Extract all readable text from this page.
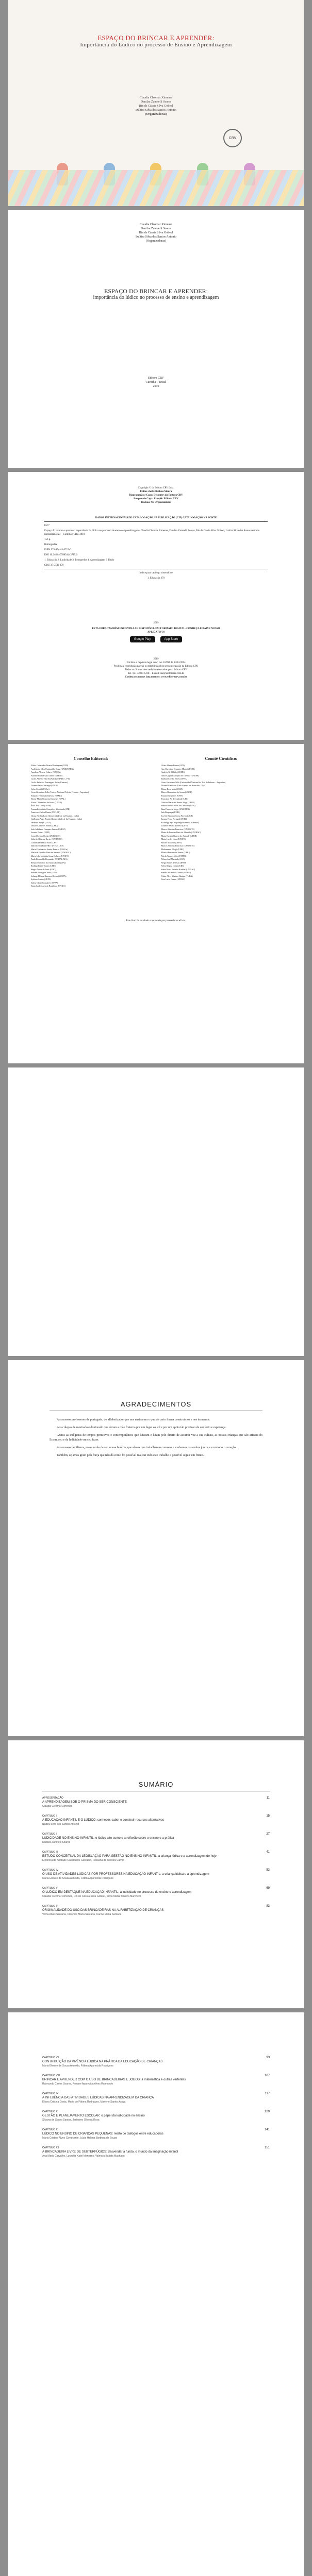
ESPAÇO DO BRINCAR E APRENDER:
Importância do Lúdico no processo de Ensino e Aprendizagem
Claudia Cleomar Ximenes
Danilza Zanotelli Soares
Rin de Cássia Silva Gobeel
Izaltira Silva dos Santos Antonio
(Organizadoras)
CRV
Claudia Cleomar Ximenes
Danilza Zanotelli Soares
Rin de Cássia Silva Gobeel
Izaltira Silva dos Santos Antonio
(Organizadoras)
ESPAÇO DO BRINCAR E APRENDER:
importância do lúdico no processo de ensino e aprendizagem
Editora CRV
Curitiba – Brasil
2019
Copyright © da Editora CRV Ltda.
Editor-chefe: Railson Moura
Diagramação e Capa: Designers da Editora CRV
Imagem de Capa: Freepik/ Editora CRV
Revisão: Os Organizadores

DADOS INTERNACIONAIS DE CATALOGAÇÃO NA PUBLICAÇÃO (CIP) CATALOGAÇÃO NA FONTE

Es77

Espaço do brincar e aprender: importância do lúdico no processo de ensino e aprendizagem / Claudia Cleomar Ximenes, Danilza Zanotelli Soares, Rin de Cássia Silva Gobeel, Izaltira Silva dos Santos Antonio (organizadoras) – Curitiba : CRV, 2019.

156 p.

Bibliografia

ISBN 978-85-444-3715-6

DOI 10.24824/978854443715.6

1. Educação 2. Ludicidade 3. Brinquedos 4. Aprendizagem I. Título

CDU 37 CDD 370

Índice para catálogo sistemático

1. Educação 370

2019
ESTA OBRA TAMBÉM ENCONTRA-SE DISPONÍVEL EM FORMATO DIGITAL. CONHEÇA E BAIXE NOSSO APLICATIVO!
Google Play	App Store
2019
Foi feito o depósito legal conf. Lei 10.994 de 14/12/2004
Proibida a reprodução parcial ou total desta obra sem autorização da Editora CRV
Todos os direitos desta edição reservados pela: Editora CRV
Tel.: (41) 3039-6418 – E-mail: sac@editoracrv.com.br
Conheça os nossos lançamentos: www.editoracrv.com.br
Conselho Editorial:
Aldira Guimarães Duarte Domínguez (UNB)
Andréia da Silva Quintanilha Sousa (UNIR/UFRN)
Anselmo Alencar Colares (UFOPA)
Antônio Pereira Gaio Júnior (UFRRJ)
Carlos Alberto Vilar Estêvão (UMINHO – PT)
Carlos Federico Dominguez Avila (Unieuro)
Carmen Tereza Velanga (UNIR)
Celso Conti (UFSCar)
Cesar Gerónimo Tello (Univer. Nacional Três de Febrero – Argentina)
Eduardo Fernandes Barbosa (UFMG)
Elione Maria Nogueira Diogenes (UFAL)
Elizeu Clementino de Souza (UNEB)
Élsio José Corá (UFFS)
Fernando Antônio Gonçalves Alcoforado (IPB)
Francisco Carlos Duarte (PUC-PR)
Gloria Fariñas León (Universidade de La Havana – Cuba)
Guillermo Arias Beatón (Universidade de La Havana – Cuba)
Helmuth Krüger (UCP)
Jailson Alves dos Santos (UFRJ)
João Adalberto Campato Junior (UNESP)
Josania Portela (UFPI)
Leonel Severo Rocha (UNISINOS)
Lídia de Oliveira Xavier (UNIEURO)
Lourdes Helena da Silva (UFV)
Marcelo Paixão (UFRJ e UTexas – US)
Maria Cristina dos Santos Bezerra (UFSCar)
Maria de Lourdes Pinto de Almeida (UNOESC)
Maria Lília Imbiriba Sousa Colares (UFOPA)
Paulo Romualdo Hernandes (UNIFAL-MG)
Renato Francisco dos Santos Paula (UFG)
Rodrigo Pratte-Santos (UFES)
Sérgio Nunes de Jesus (IFRO)
Simone Rodrigues Pinto (UNB)
Solange Helena Ximenes-Rocha (UFOPA)
Sydione Santos (UEPG)
Tadeu Oliver Gonçalves (UFPA)
Tania Suely Azevedo Brasileiro (UFOPA)
Comitê Científico:
Altair Alberto Fávero (UPF)
Ana Chrystina Venancio Mignot (UERJ)
Andréia N. Militão (UEMS)
Anna Augusta Sampaio de Oliveira (UNESP)
Barbara Coelho Neves (UFBA)
Cesar Gerónimo Tello (Universidad Nacional de Três de Febrero – Argentina)
Diosnel Centurion (Univ Americ. de Asunción – Py)
Eliane Rose Maio (UEM)
Elizeu Clementino de Souza (UNEB)
Fauston Negreiros (UFPI)
Francisco Ari de Andrade (UFC)
Gláucia Maria dos Santos Jorge (UFOP)
Helder Buenos Aires de Carvalho (UFPI)
Ilma Passos A. Veiga (UNICEUB)
Inês Bragança (UERJ)
José de Ribamar Sousa Pereira (UCB)
Jussara Fraga Portugal (UNEB)
Kilwangy Kya Kapitango-a-Samba (Unemat)
Lourdes Helena da Silva (UFV)
Marcos Vinicius Francisco (UNOESTE)
Maria de Lourdes Pinto de Almeida (UNOESC)
Maria Eurácia Barreto de Andrade (UFRB)
Maria Lurdes Lima (UFOPA)
Michel da Costa (UFPE)
Marcos Vinicius Francisco (UNOESTE)
Mohammed Elhajji (UFRJ)
Mônica Pereira dos Santos (UFRJ)
Najela Tavares Ujiie (UTFPR)
Nilson José Machado (USP)
Sérgio Nunes de Jesus (IFRO)
Silvia Regina Canan (URI)
Sonia Maria Ferreira Koehler (UNISAL)
Suzana dos Santos Gomes (UFMG)
Vânia Alves Martins Chaigar (FURG)
Vera Lucia Gaspar (UDESC)
Este livro foi avaliado e aprovado por pareceristas ad hoc.
AGRADECIMENTOS

Aos nossos professores de português, do alfabetizador que nos ensinaram o que de certo forma construímos e nos tornamos.

Aos colegas de mestrado e doutorado que deram a mão fraterna por um lugar ao sol e por um apoio tão precioso de conforto e esperança.

Gratos as indígenas de tempos primitivos e contemporâneos que lutaram e lutam pelo direito de assumir vez a sua cultura, as nossas crianças que são artistas do Ecomuseu e da ludicidade em seu fazer.

Aos nossos familiares, nossa razão de ser, nossa família, que são os que trabalharam conosco e sonhamos os sonhos juntos e com todo o coração.

Também, sejamos grato pela força que não dá como foi possível realizar todo este trabalho e possível seguir em frente.

SUMÁRIO
APRESENTAÇÃO
A APRENDIZAGEM SOB O PRISMA DO SER CONSCIENTE
Claudia Cleomar Ximenes
11
CAPÍTULO I
A EDUCAÇÃO INFANTIL E O LÚDICO: conhecer, saber e construir recursos alternativos
Izaltira Silva dos Santos Antonio
15
CAPÍTULO II
LUDICIDADE NO ENSINO INFANTIL: o lúdico alto-sumo e a reflexão sobre o ensino e a prática
Danilza Zanotelli Soares
27
CAPÍTULO III
ESTUDO CONCEITUAL DA LEGISLAÇÃO PARA GESTÃO NO ENSINO INFANTIL: a criança lúdica e a aprendizagem do hoje
Eleonora de Andrade Cavalcante Carvalho, Rossana de Oliveira Carmo
41
CAPÍTULO IV
O USO DE ATIVIDADES LÚDICAS POR PROFESSORES NA EDUCAÇÃO INFANTIL: a criança lúdica e a aprendizagem
Maria Elenice de Souza Almeida, Fátima Aparecida Rodrigues
53
CAPÍTULO V
O LÚDICO EM DESTAQUE NA EDUCAÇÃO INFANTIL: a ludicidade no processo de ensino e aprendizagem
Claudia Cleomar Ximenes, Rin de Cássia Silva Gobeel, Silvia Maria Teixeira Marchetti
69
CAPÍTULO VI
ORIGINALIDADE DO USO DAS BRINCADEIRAS NA ALFABETIZAÇÃO DE CRIANÇAS
Vilma Alves Santana, Cleonice Maria Santana, Carine Maria Santana
83
CAPÍTULO VII
CONTRIBUIÇÃO DA VIVÊNCIA LÚDICA NA PRÁTICA DA EDUCAÇÃO DE CRIANÇAS
Maria Elenice de Souza Almeida, Fátima Aparecida Rodrigues
93
CAPÍTULO VIII
BRINCAR E APRENDER COM O USO DE BRINCADEIRAS E JOGOS: a matemática e outras vertentes
Raimundo Carlos Soares, Rosane Aparecida Alves Raimundo
107
CAPÍTULO IX
A INFLUÊNCIA DAS ATIVIDADES LÚDICAS NA APRENDIZAGEM DA CRIANÇA
Eliana Cristina Costa, Maria de Fátima Rodrigues, Marlene Santos Alaga
117
CAPÍTULO X
GESTÃO E PLANEJAMENTO ESCOLAR: o papel da ludicidade no ensino
Silvana de Souza Santos, Jerônimo Oliveira Rosa
129
CAPÍTULO XI
LÚDICO NO ENSINO DE CRIANÇAS PEQUENAS: relato de diálogos entre educadoras
Maria Cristina Alves Cavalcante, Lúcia Helena Barbosa de Souza
141
CAPÍTULO XII
A BRINCADEIRA LIVRE DE SUBTERFÚGIOS: desvendar a fundo, o mundo da imaginação infantil
Ana Maria Carvalho, Lucinéia Katiri Menezes, Valmara Batista Machado
151
